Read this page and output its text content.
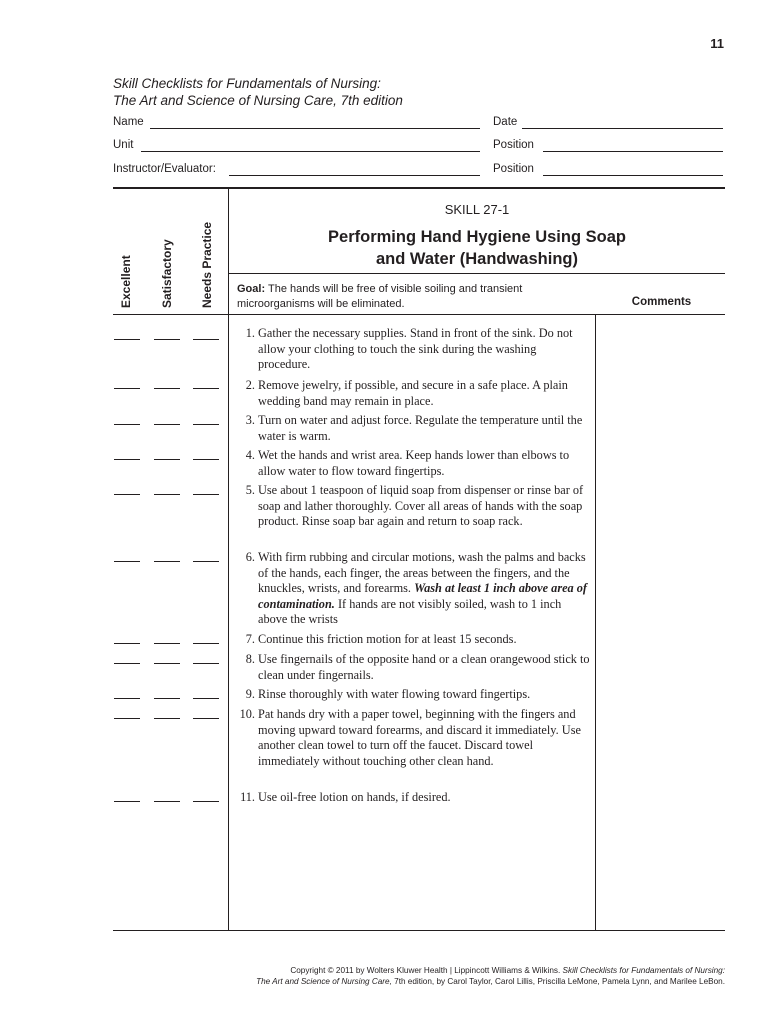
11
Skill Checklists for Fundamentals of Nursing:
The Art and Science of Nursing Care, 7th edition
Name	Date
Unit	Position
Instructor/Evaluator:	Position
Excellent Satisfactory Needs Practice
SKILL 27-1
Performing Hand Hygiene Using Soap
and Water (Handwashing)
Goal: The hands will be free of visible soiling and transient microorganisms will be eliminated.	Comments
1. Gather the necessary supplies. Stand in front of the sink. Do not allow your clothing to touch the sink during the washing procedure.
2. Remove jewelry, if possible, and secure in a safe place. A plain wedding band may remain in place.
3. Turn on water and adjust force. Regulate the temperature until the water is warm.
4. Wet the hands and wrist area. Keep hands lower than elbows to allow water to flow toward fingertips.
5. Use about 1 teaspoon of liquid soap from dispenser or rinse bar of soap and lather thoroughly. Cover all areas of hands with the soap product. Rinse soap bar again and return to soap rack.
6. With firm rubbing and circular motions, wash the palms and backs of the hands, each finger, the areas between the fingers, and the knuckles, wrists, and forearms. Wash at least 1 inch above area of contamination. If hands are not visibly soiled, wash to 1 inch above the wrists
7. Continue this friction motion for at least 15 seconds.
8. Use fingernails of the opposite hand or a clean orangewood stick to clean under fingernails.
9. Rinse thoroughly with water flowing toward fingertips.
10. Pat hands dry with a paper towel, beginning with the fingers and moving upward toward forearms, and discard it immediately. Use another clean towel to turn off the faucet. Discard towel immediately without touching other clean hand.
11. Use oil-free lotion on hands, if desired.
Copyright © 2011 by Wolters Kluwer Health | Lippincott Williams & Wilkins. Skill Checklists for Fundamentals of Nursing:
The Art and Science of Nursing Care, 7th edition, by Carol Taylor, Carol Lillis, Priscilla LeMone, Pamela Lynn, and Marilee LeBon.
